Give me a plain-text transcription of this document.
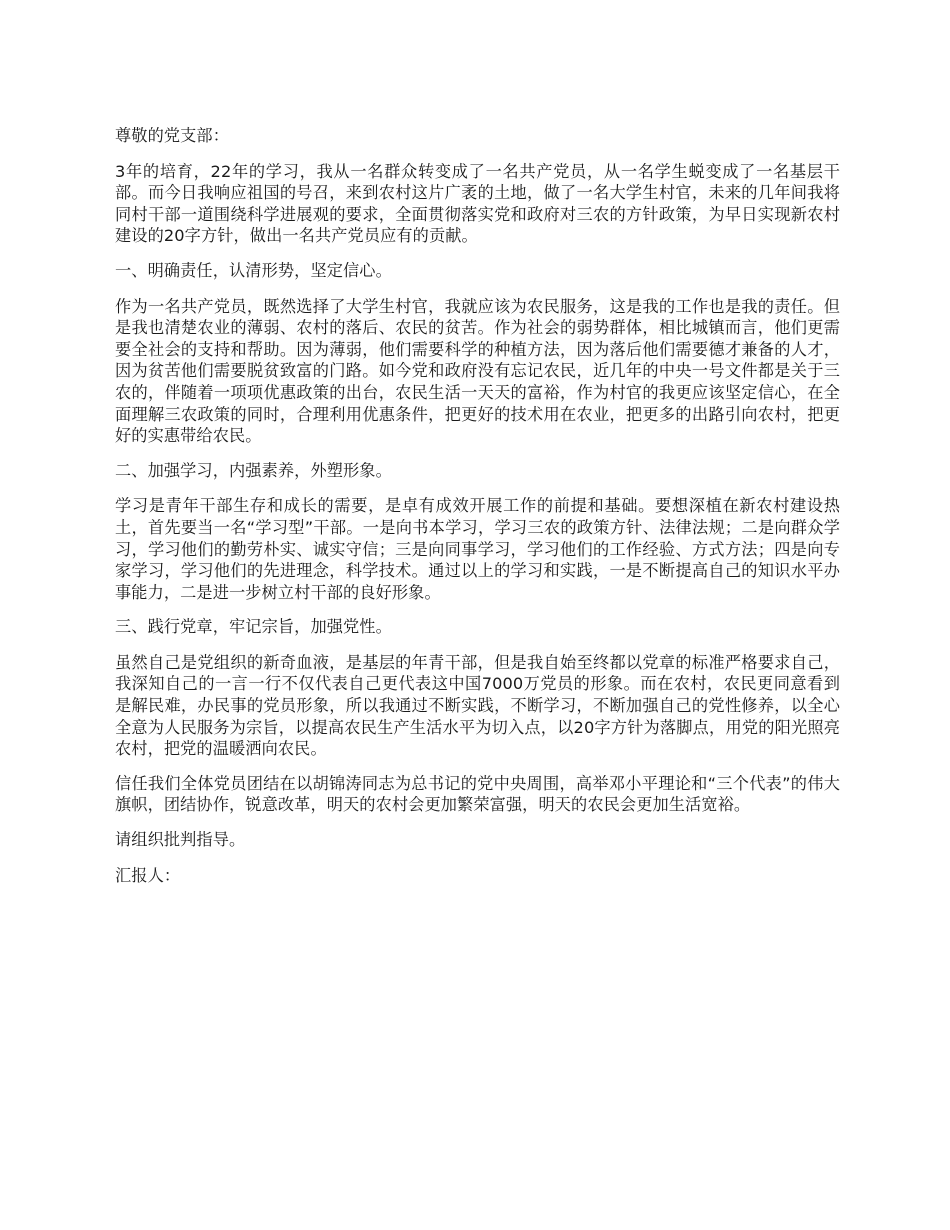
尊敬的党支部：

3年的培育，22年的学习，我从一名群众转变成了一名共产党员，从一名学生蜕变成了一名基层干部。而今日我响应祖国的号召，来到农村这片广袤的土地，做了一名大学生村官，未来的几年间我将同村干部一道围绕科学进展观的要求，全面贯彻落实党和政府对三农的方针政策，为早日实现新农村建设的20字方针，做出一名共产党员应有的贡献。

一、明确责任，认清形势，坚定信心。

作为一名共产党员，既然选择了大学生村官，我就应该为农民服务，这是我的工作也是我的责任。但是我也清楚农业的薄弱、农村的落后、农民的贫苦。作为社会的弱势群体，相比城镇而言，他们更需要全社会的支持和帮助。因为薄弱，他们需要科学的种植方法，因为落后他们需要德才兼备的人才，因为贫苦他们需要脱贫致富的门路。如今党和政府没有忘记农民，近几年的中央一号文件都是关于三农的，伴随着一项项优惠政策的出台，农民生活一天天的富裕，作为村官的我更应该坚定信心，在全面理解三农政策的同时，合理利用优惠条件，把更好的技术用在农业，把更多的出路引向农村，把更好的实惠带给农民。

二、加强学习，内强素养，外塑形象。

学习是青年干部生存和成长的需要，是卓有成效开展工作的前提和基础。要想深植在新农村建设热土，首先要当一名“学习型”干部。一是向书本学习，学习三农的政策方针、法律法规；二是向群众学习，学习他们的勤劳朴实、诚实守信；三是向同事学习，学习他们的工作经验、方式方法；四是向专家学习，学习他们的先进理念，科学技术。通过以上的学习和实践，一是不断提高自己的知识水平办事能力，二是进一步树立村干部的良好形象。

三、践行党章，牢记宗旨，加强党性。

虽然自己是党组织的新奇血液，是基层的年青干部，但是我自始至终都以党章的标准严格要求自己，我深知自己的一言一行不仅代表自己更代表这中国7000万党员的形象。而在农村，农民更同意看到是解民难，办民事的党员形象，所以我通过不断实践，不断学习，不断加强自己的党性修养，以全心全意为人民服务为宗旨，以提高农民生产生活水平为切入点，以20字方针为落脚点，用党的阳光照亮农村，把党的温暖洒向农民。

信任我们全体党员团结在以胡锦涛同志为总书记的党中央周围，高举邓小平理论和“三个代表”的伟大旗帜，团结协作，锐意改革，明天的农村会更加繁荣富强，明天的农民会更加生活宽裕。

请组织批判指导。

汇报人：
